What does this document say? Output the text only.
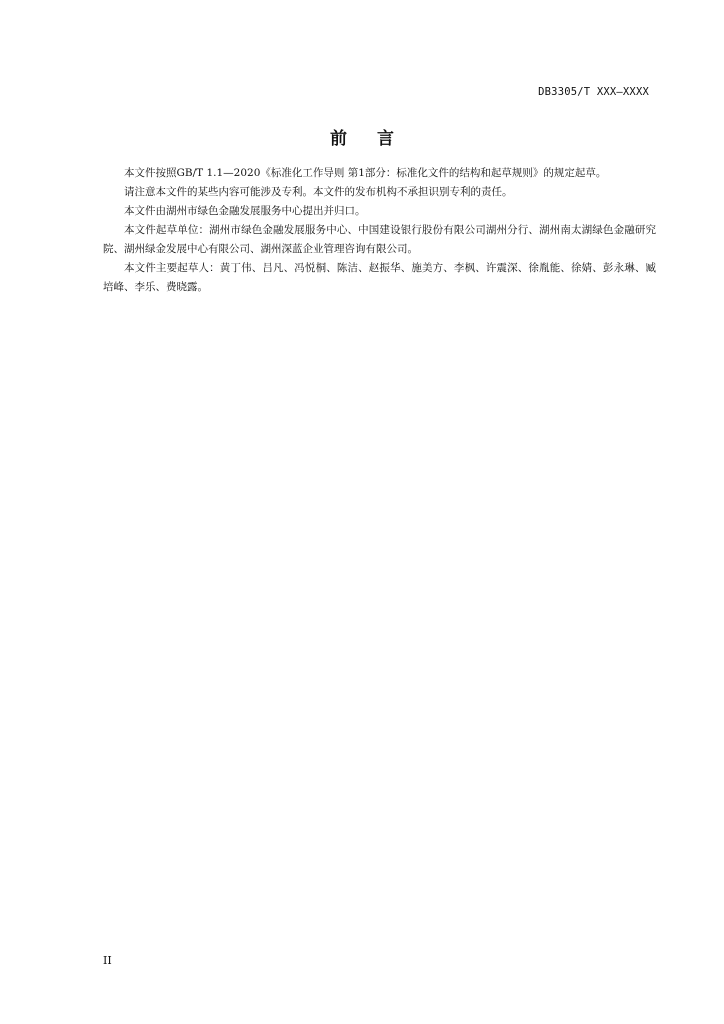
DB3305/T XXX—XXXX
前 言

本文件按照GB/T 1.1—2020《标准化工作导则 第1部分：标准化文件的结构和起草规则》的规定起草。

请注意本文件的某些内容可能涉及专利。本文件的发布机构不承担识别专利的责任。

本文件由湖州市绿色金融发展服务中心提出并归口。

本文件起草单位：湖州市绿色金融发展服务中心、中国建设银行股份有限公司湖州分行、湖州南太湖绿色金融研究院、湖州绿金发展中心有限公司、湖州深蓝企业管理咨询有限公司。

本文件主要起草人：黄丁伟、吕凡、冯悦桐、陈洁、赵振华、施美方、李枫、许震深、徐胤能、徐婧、彭永琳、臧培峰、李乐、费晓露。

II
